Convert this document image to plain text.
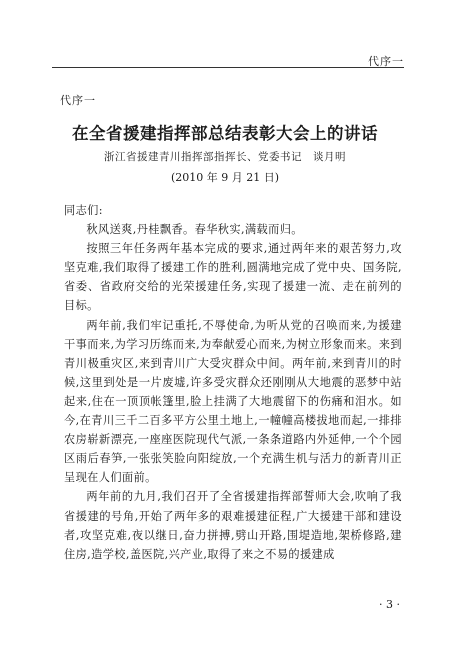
代序一
代序一
在全省援建指挥部总结表彰大会上的讲话
浙江省援建青川指挥部指挥长、党委书记　谈月明
(2010 年 9 月 21 日)

同志们:

秋风送爽,丹桂飘香。春华秋实,满载而归。

按照三年任务两年基本完成的要求,通过两年来的艰苦努力,攻坚克难,我们取得了援建工作的胜利,圆满地完成了党中央、国务院,省委、省政府交给的光荣援建任务,实现了援建一流、走在前列的目标。

两年前,我们牢记重托,不辱使命,为听从党的召唤而来,为援建干事而来,为学习历练而来,为奉献爱心而来,为树立形象而来。来到青川极重灾区,来到青川广大受灾群众中间。两年前,来到青川的时候,这里到处是一片废墟,许多受灾群众还刚刚从大地震的恶梦中站起来,住在一顶顶帐篷里,脸上挂满了大地震留下的伤痛和泪水。如今,在青川三千二百多平方公里土地上,一幢幢高楼拔地而起,一排排农房崭新漂亮,一座座医院现代气派,一条条道路内外延伸,一个个园区雨后春笋,一张张笑脸向阳绽放,一个充满生机与活力的新青川正呈现在人们面前。

两年前的九月,我们召开了全省援建指挥部誓师大会,吹响了我省援建的号角,开始了两年多的艰难援建征程,广大援建干部和建设者,攻坚克难,夜以继日,奋力拼搏,劈山开路,围堤造地,架桥修路,建住房,造学校,盖医院,兴产业,取得了来之不易的援建成

· 3 ·
